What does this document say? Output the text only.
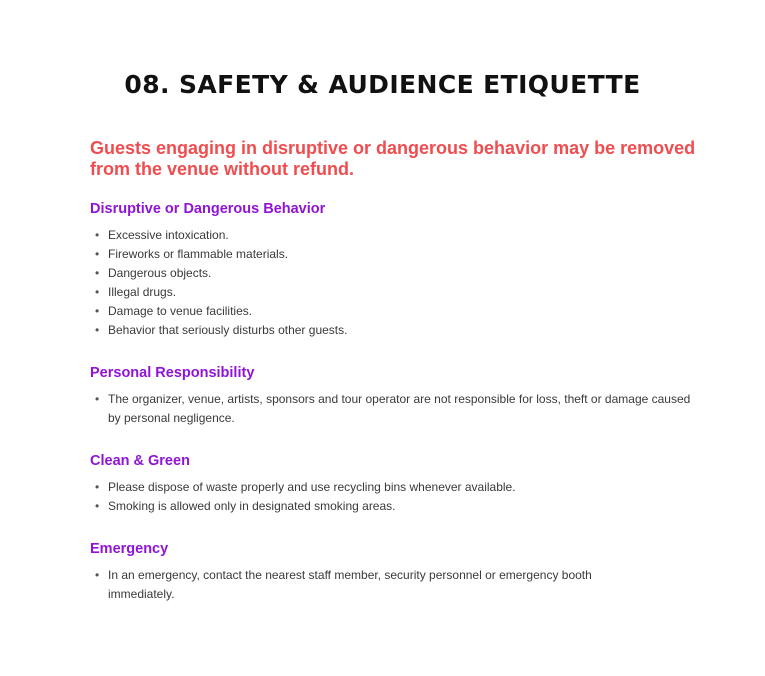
08. SAFETY & AUDIENCE ETIQUETTE

Guests engaging in disruptive or dangerous behavior may be removed from the venue without refund.

Disruptive or Dangerous Behavior
• Excessive intoxication.
• Fireworks or flammable materials.
• Dangerous objects.
• Illegal drugs.
• Damage to venue facilities.
• Behavior that seriously disturbs other guests.
Personal Responsibility
• The organizer, venue, artists, sponsors and tour operator are not responsible for loss, theft or damage caused by personal negligence.
Clean & Green
• Please dispose of waste properly and use recycling bins whenever available.
• Smoking is allowed only in designated smoking areas.
Emergency
• In an emergency, contact the nearest staff member, security personnel or emergency booth immediately.
